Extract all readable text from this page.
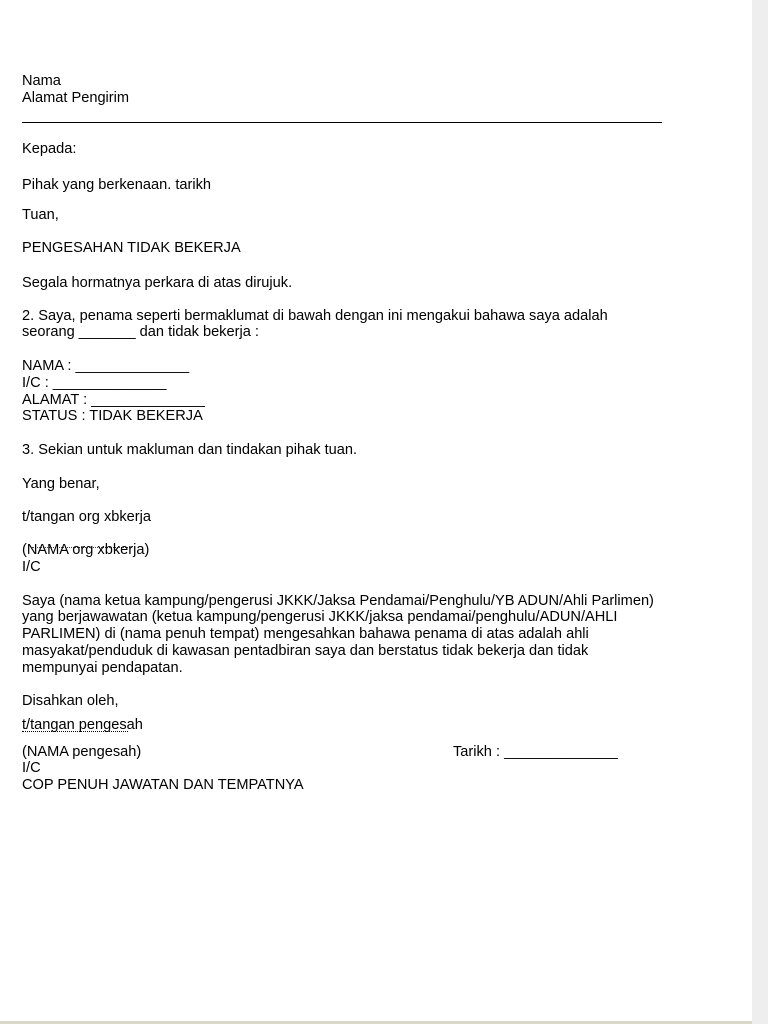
Nama

Alamat Pengirim

Kepada:

Pihak yang berkenaan. tarikh

Tuan,

PENGESAHAN TIDAK BEKERJA

Segala hormatnya perkara di atas dirujuk.

2. Saya, penama seperti bermaklumat di bawah dengan ini mengakui bahawa saya adalah

seorang _______ dan tidak bekerja :

NAMA : ______________

I/C : ______________

ALAMAT : ______________

STATUS : TIDAK BEKERJA

3. Sekian untuk makluman dan tindakan pihak tuan.

Yang benar,

t/tangan org xbkerja

(NAMA org xbkerja)

I/C

Saya (nama ketua kampung/pengerusi JKKK/Jaksa Pendamai/Penghulu/YB ADUN/Ahli Parlimen)

yang berjawawatan (ketua kampung/pengerusi JKKK/jaksa pendamai/penghulu/ADUN/AHLI

PARLIMEN) di (nama penuh tempat) mengesahkan bahawa penama di atas adalah ahli

masyakat/penduduk di kawasan pentadbiran saya dan berstatus tidak bekerja dan tidak

mempunyai pendapatan.

Disahkan oleh,

t/tangan pengesah

(NAMA pengesah)	Tarikh : ______________

I/C

COP PENUH JAWATAN DAN TEMPATNYA
